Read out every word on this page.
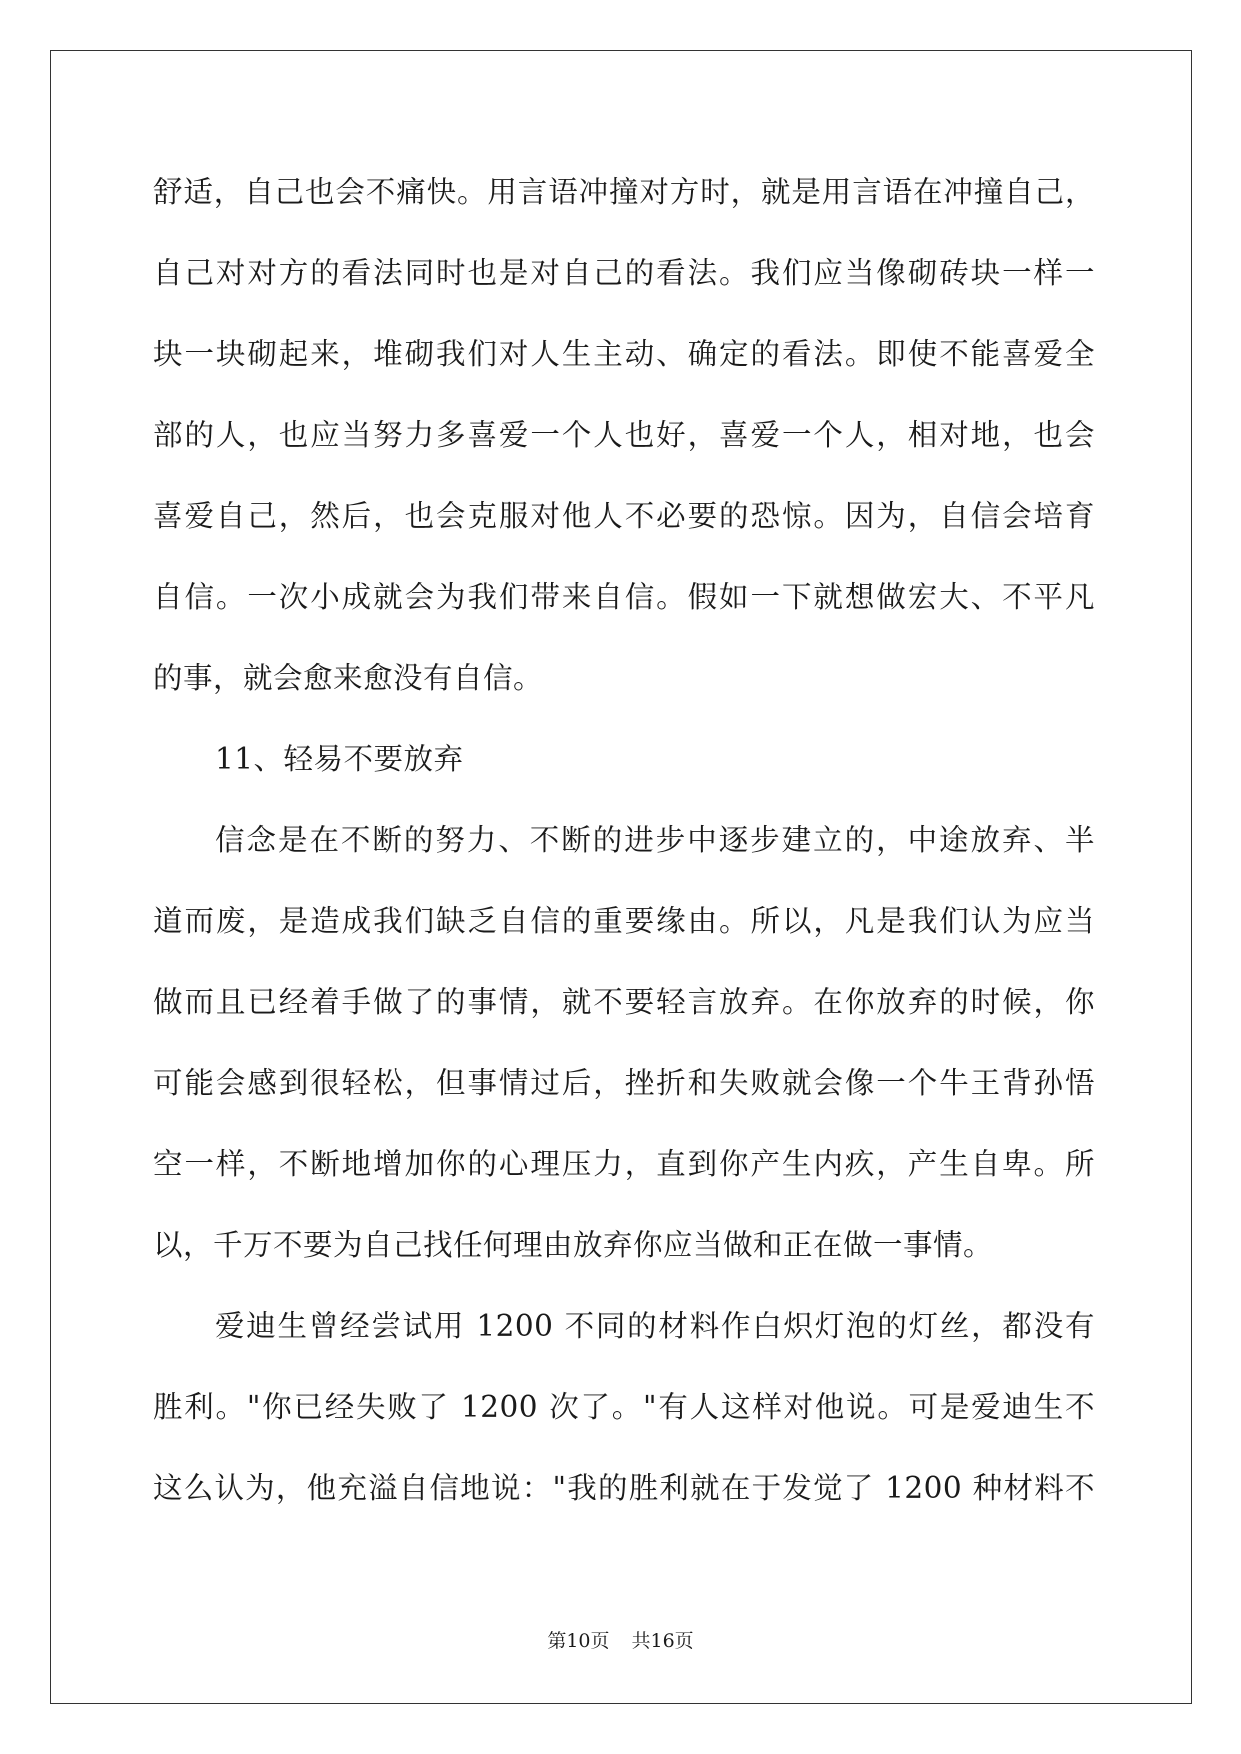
舒适，自己也会不痛快。用言语冲撞对方时，就是用言语在冲撞自己，
自己对对方的看法同时也是对自己的看法。我们应当像砌砖块一样一
块一块砌起来，堆砌我们对人生主动、确定的看法。即使不能喜爱全
部的人，也应当努力多喜爱一个人也好，喜爱一个人，相对地，也会
喜爱自己，然后，也会克服对他人不必要的恐惊。因为，自信会培育
自信。一次小成就会为我们带来自信。假如一下就想做宏大、不平凡
的事，就会愈来愈没有自信。
11、轻易不要放弃
信念是在不断的努力、不断的进步中逐步建立的，中途放弃、半
道而废，是造成我们缺乏自信的重要缘由。所以，凡是我们认为应当
做而且已经着手做了的事情，就不要轻言放弃。在你放弃的时候，你
可能会感到很轻松，但事情过后，挫折和失败就会像一个牛王背孙悟
空一样，不断地增加你的心理压力，直到你产生内疚，产生自卑。所
以，千万不要为自己找任何理由放弃你应当做和正在做一事情。
爱迪生曾经尝试用 1200 不同的材料作白炽灯泡的灯丝，都没有
胜利。"你已经失败了 1200 次了。"有人这样对他说。可是爱迪生不
这么认为，他充溢自信地说："我的胜利就在于发觉了 1200 种材料不
第10页 共16页
